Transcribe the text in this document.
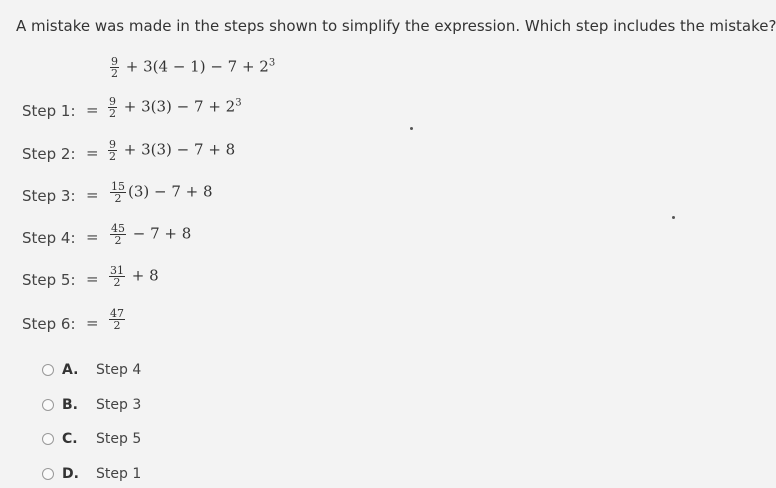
A mistake was made in the steps shown to simplify the expression. Which step includes the mistake?
$\frac{9}{2} + 3(4 - 1) - 7 + 2^3$
Step 1: = $\frac{9}{2} + 3(3) - 7 + 2^3$
Step 2: = $\frac{9}{2} + 3(3) - 7 + 8$
Step 3: = $\frac{15}{2} (3) - 7 + 8$
Step 4: = $\frac{45}{2} - 7 + 8$
Step 5: = $\frac{31}{2} + 8$
Step 6: = $\frac{47}{2}$
A.	Step 4
B.	Step 3
C.	Step 5
D.	Step 1
